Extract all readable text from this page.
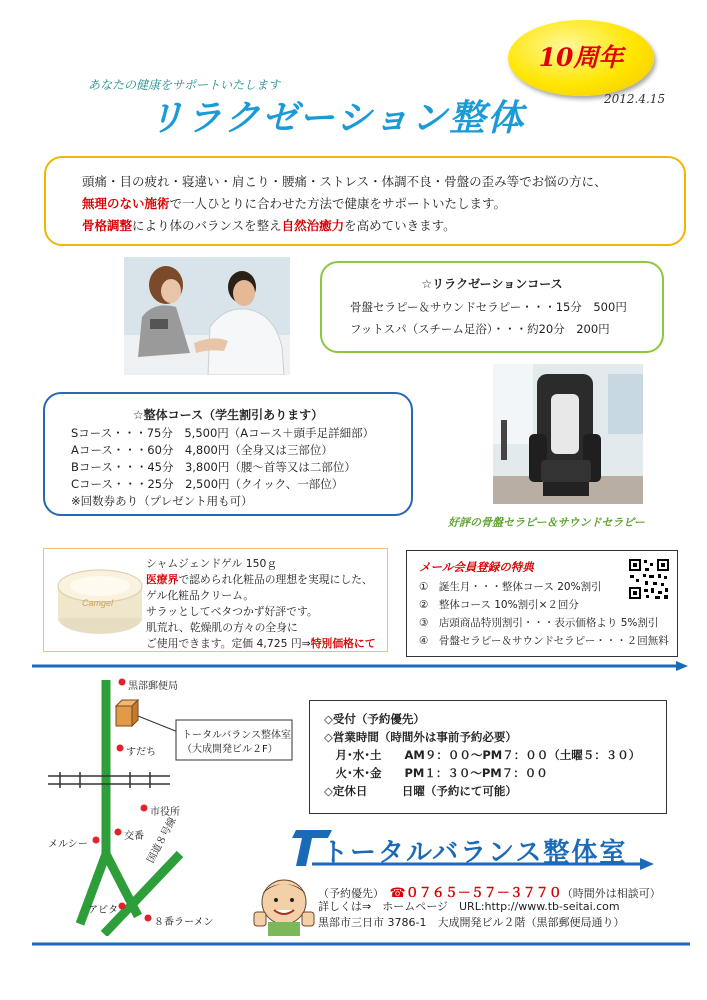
10周年
あなたの健康をサポートいたします
リラクゼーション整体	2012.4.15

頭痛・目の疲れ・寝違い・肩こり・腰痛・ストレス・体調不良・骨盤の歪み等でお悩の方に、

無理のない施術で一人ひとりに合わせた方法で健康をサポートいたします。

骨格調整により体のバランスを整え自然治癒力を高めていきます。

☆リラクゼーションコース
骨盤セラピー＆サウンドセラピー・・・15分　500円
フットスパ（スチーム足浴）・・・約20分　200円
好評の骨盤セラピー＆サウンドセラピー
☆整体コース（学生割引あります）
Sコース・・・75分　5,500円（Aコース＋頭手足詳細部）
Aコース・・・60分　4,800円（全身又は三部位）
Bコース・・・45分　3,800円（腰～首等又は二部位）
Cコース・・・25分　2,500円（クイック、一部位）
※回数券あり（プレゼント用も可）
Camgel
シャムジェンドゲル 150ｇ
医療界で認められ化粧品の理想を実現にした、
ゲル化粧品クリーム。
サラッとしてベタつかず好評です。
肌荒れ、乾燥肌の方々の全身に
ご使用できます。定価 4,725 円⇒特別価格にて
メール会員登録の特典
①　誕生月・・・整体コース 20%割引
②　整体コース 10%割引×２回分
③　店頭商品特別割引・・・表示価格より 5%割引
④　骨盤セラピー＆サウンドセラピー・・・２回無料
黒部郵便局
トータルバランス整体室
（大成開発ビル２F）
すだち
市役所
交番
メルシー	国道８号線
アピタ
８番ラーメン
◇受付（予約優先）
◇営業時間（時間外は事前予約必要）
　月･水･土　　AM９：００～PM７：００（土曜５：３０）
　火･木･金　　PM１：３０～PM７：００
◇定休日　　　日曜（予約にて可能）
トータルバランス整体室
（予約優先）　 ☎０７６５－５７－３７７０（時間外は相談可）
詳しくは⇒　ホームページ　URL:http://www.tb-seitai.com
黒部市三日市 3786-1　大成開発ビル２階（黒部郵便局通り）
